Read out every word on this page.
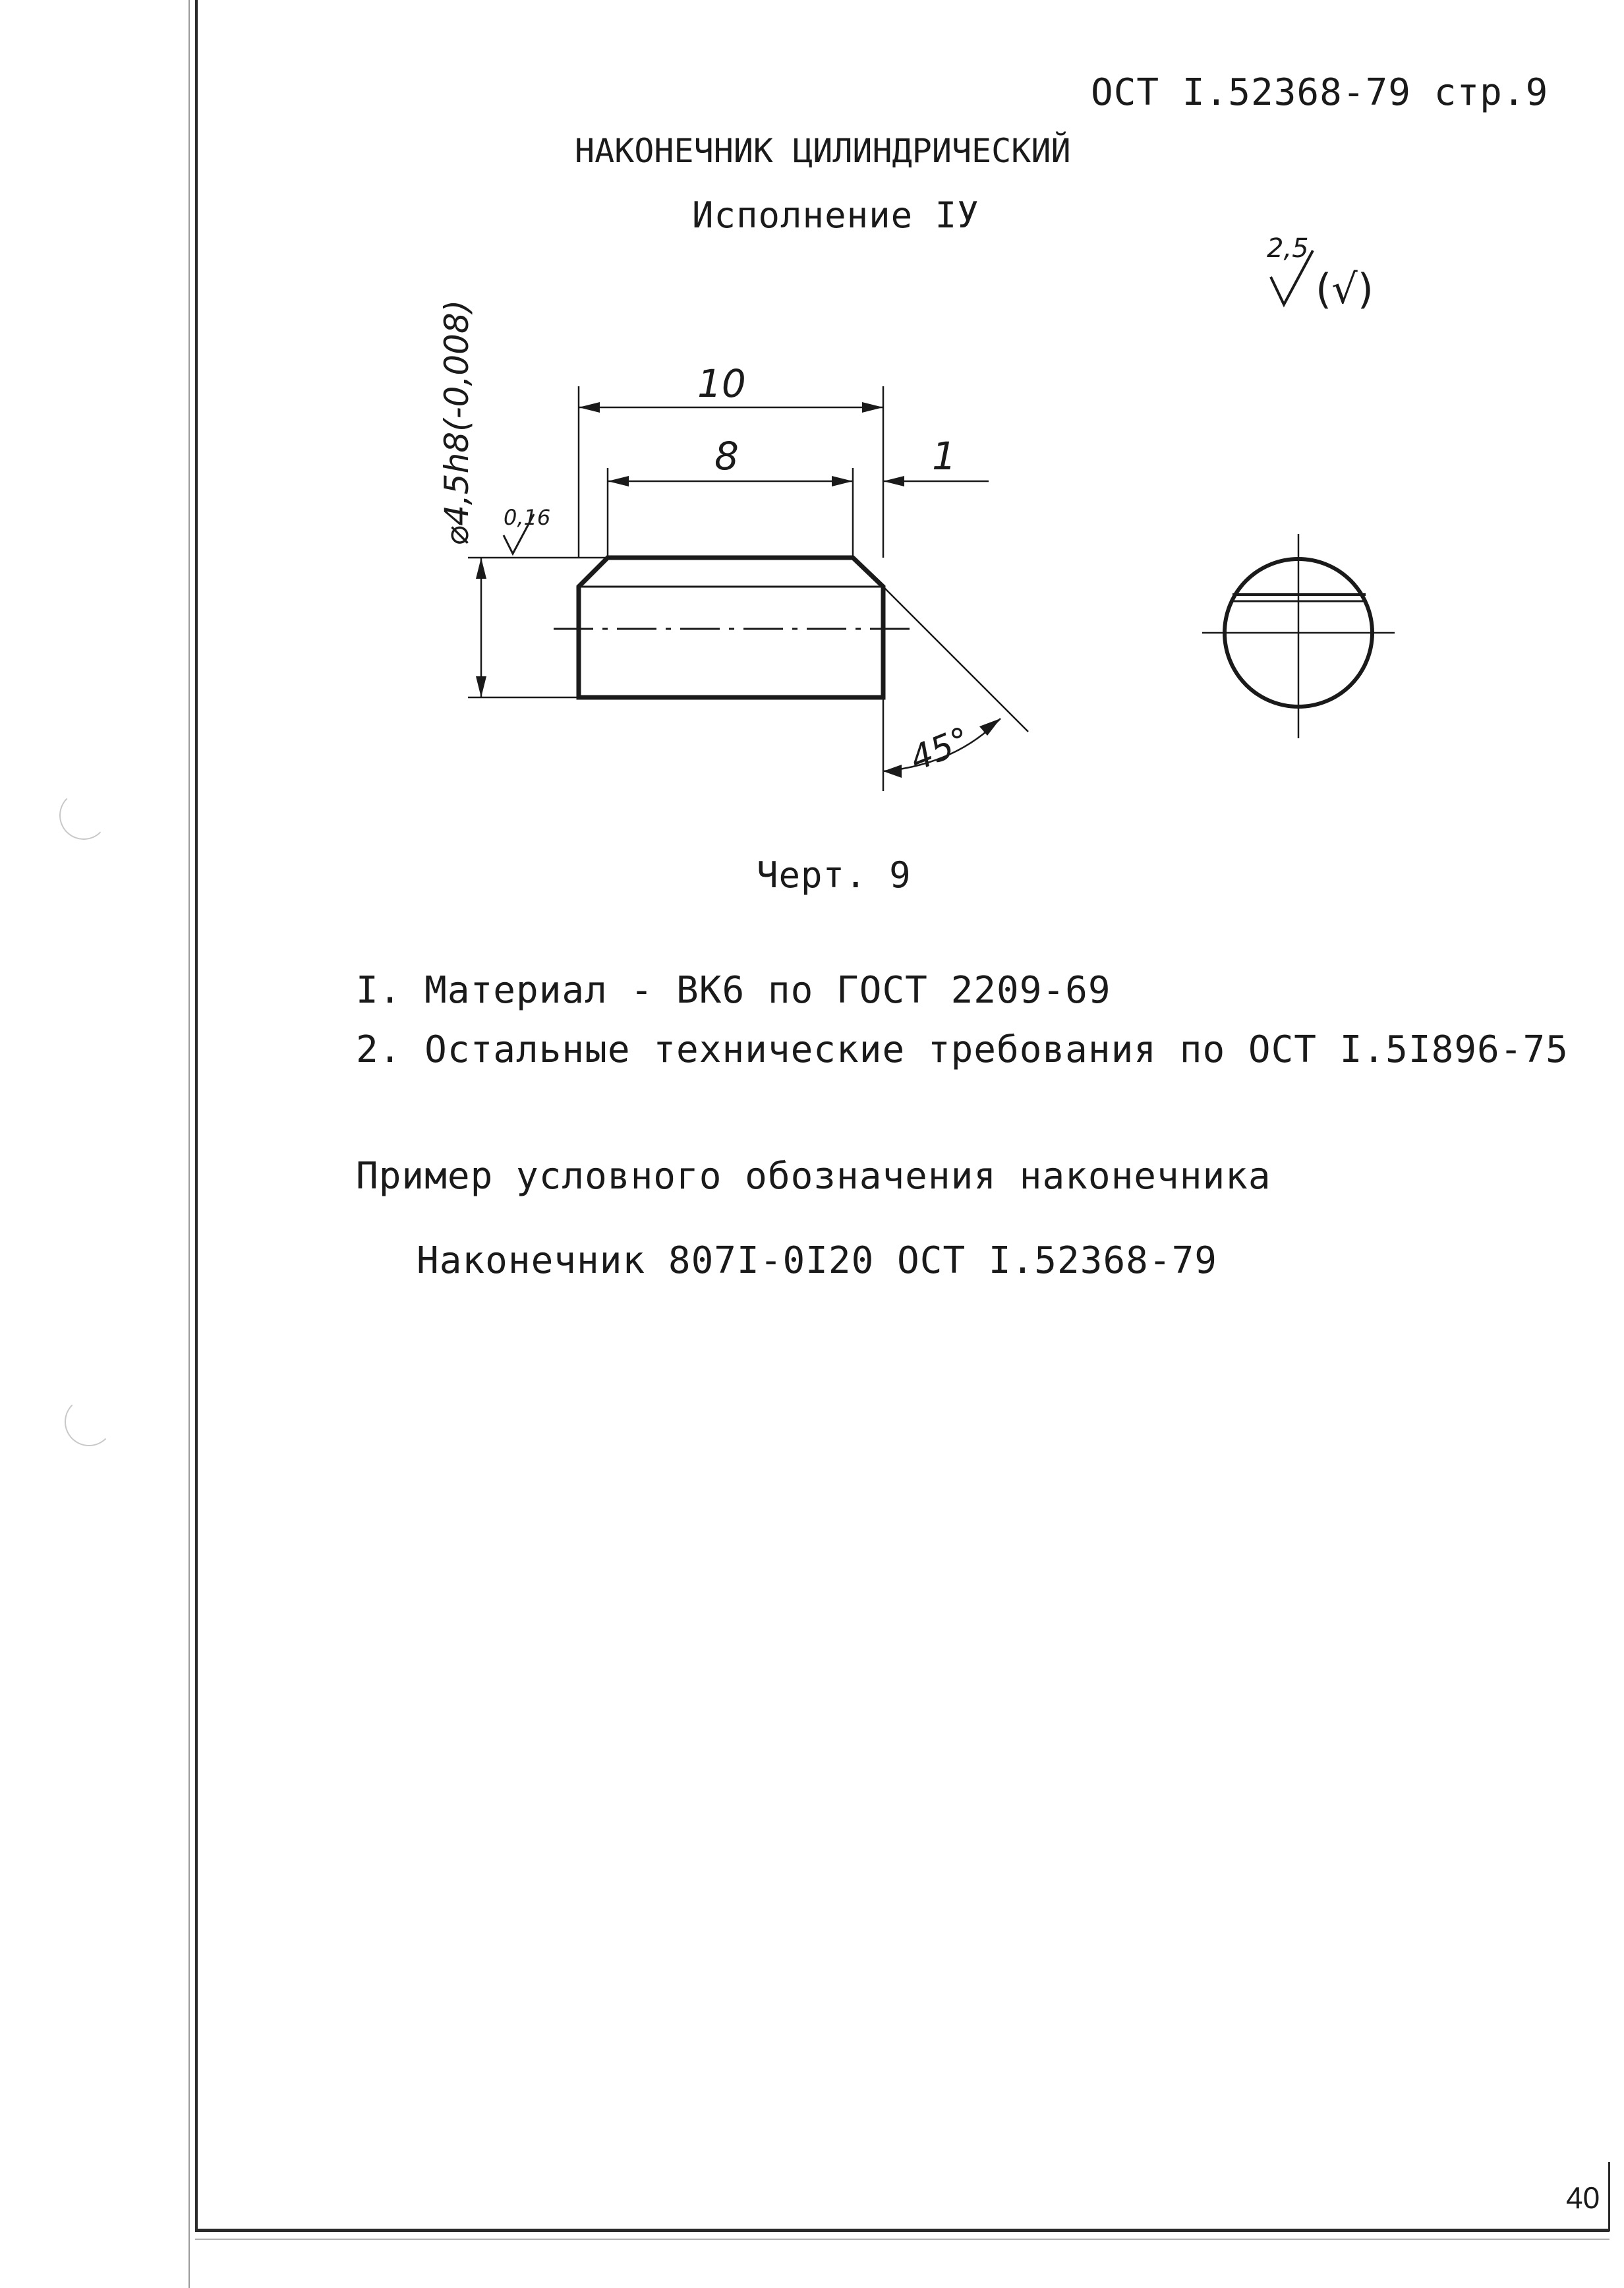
ОСТ I.52368-79 стр.9
НАКОНЕЧНИК ЦИЛИНДРИЧЕСКИЙ
Исполнение IУ
2,5
(√)
10
8	1
⌀4,5h8(-0,008) 0,16
45°
Черт. 9
I. Материал - ВК6 по ГОСТ 2209-69
2. Остальные технические требования по ОСТ I.5I896-75
Пример условного обозначения наконечника
Наконечник 807I-0I20 ОСТ I.52368-79
40
